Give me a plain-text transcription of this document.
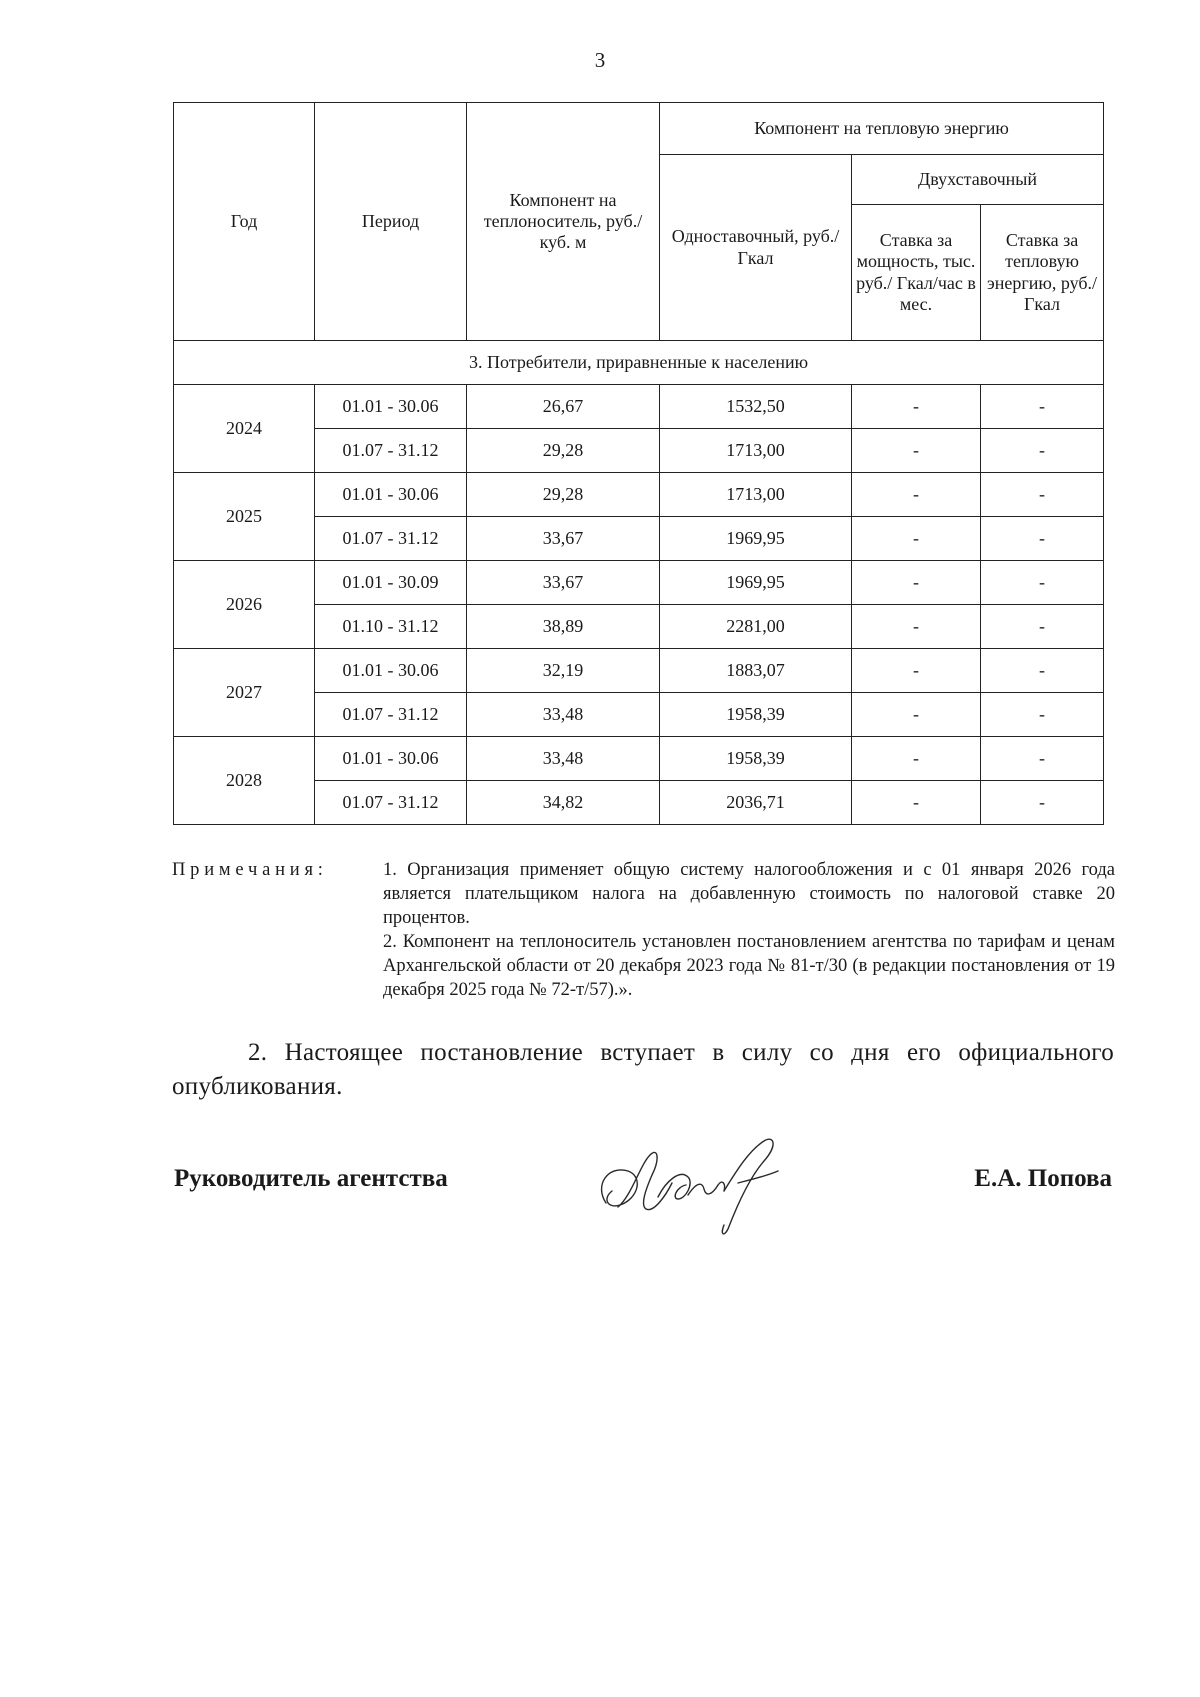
3
Год	Период	Компонент на теплоноситель, руб./куб. м	Компонент на тепловую энергию		
			Одноставочный, руб./Гкал	Двухставочный	
				Ставка за мощность, тыс. руб./ Гкал/час в мес.	Ставка за тепловую энергию, руб./Гкал
3. Потребители, приравненные к населению					
2024	01.01 - 30.06	26,67	1532,50	-	-
	01.07 - 31.12	29,28	1713,00	-	-
2025	01.01 - 30.06	29,28	1713,00	-	-
	01.07 - 31.12	33,67	1969,95	-	-
2026	01.01 - 30.09	33,67	1969,95	-	-
	01.10 - 31.12	38,89	2281,00	-	-
2027	01.01 - 30.06	32,19	1883,07	-	-
	01.07 - 31.12	33,48	1958,39	-	-
2028	01.01 - 30.06	33,48	1958,39	-	-
	01.07 - 31.12	34,82	2036,71	-	-
Примечания:	1. Организация применяет общую систему налогообложения и с 01 января 2026 года является плательщиком налога на добавленную стоимость по налоговой ставке 20 процентов.

2. Компонент на теплоноситель установлен постановлением агентства по тарифам и ценам Архангельской области от 20 декабря 2023 года № 81-т/30 (в редакции постановления от 19 декабря 2025 года № 72-т/57).».

2. Настоящее постановление вступает в силу со дня его официального опубликования.
Руководитель агентства	Е.А. Попова
